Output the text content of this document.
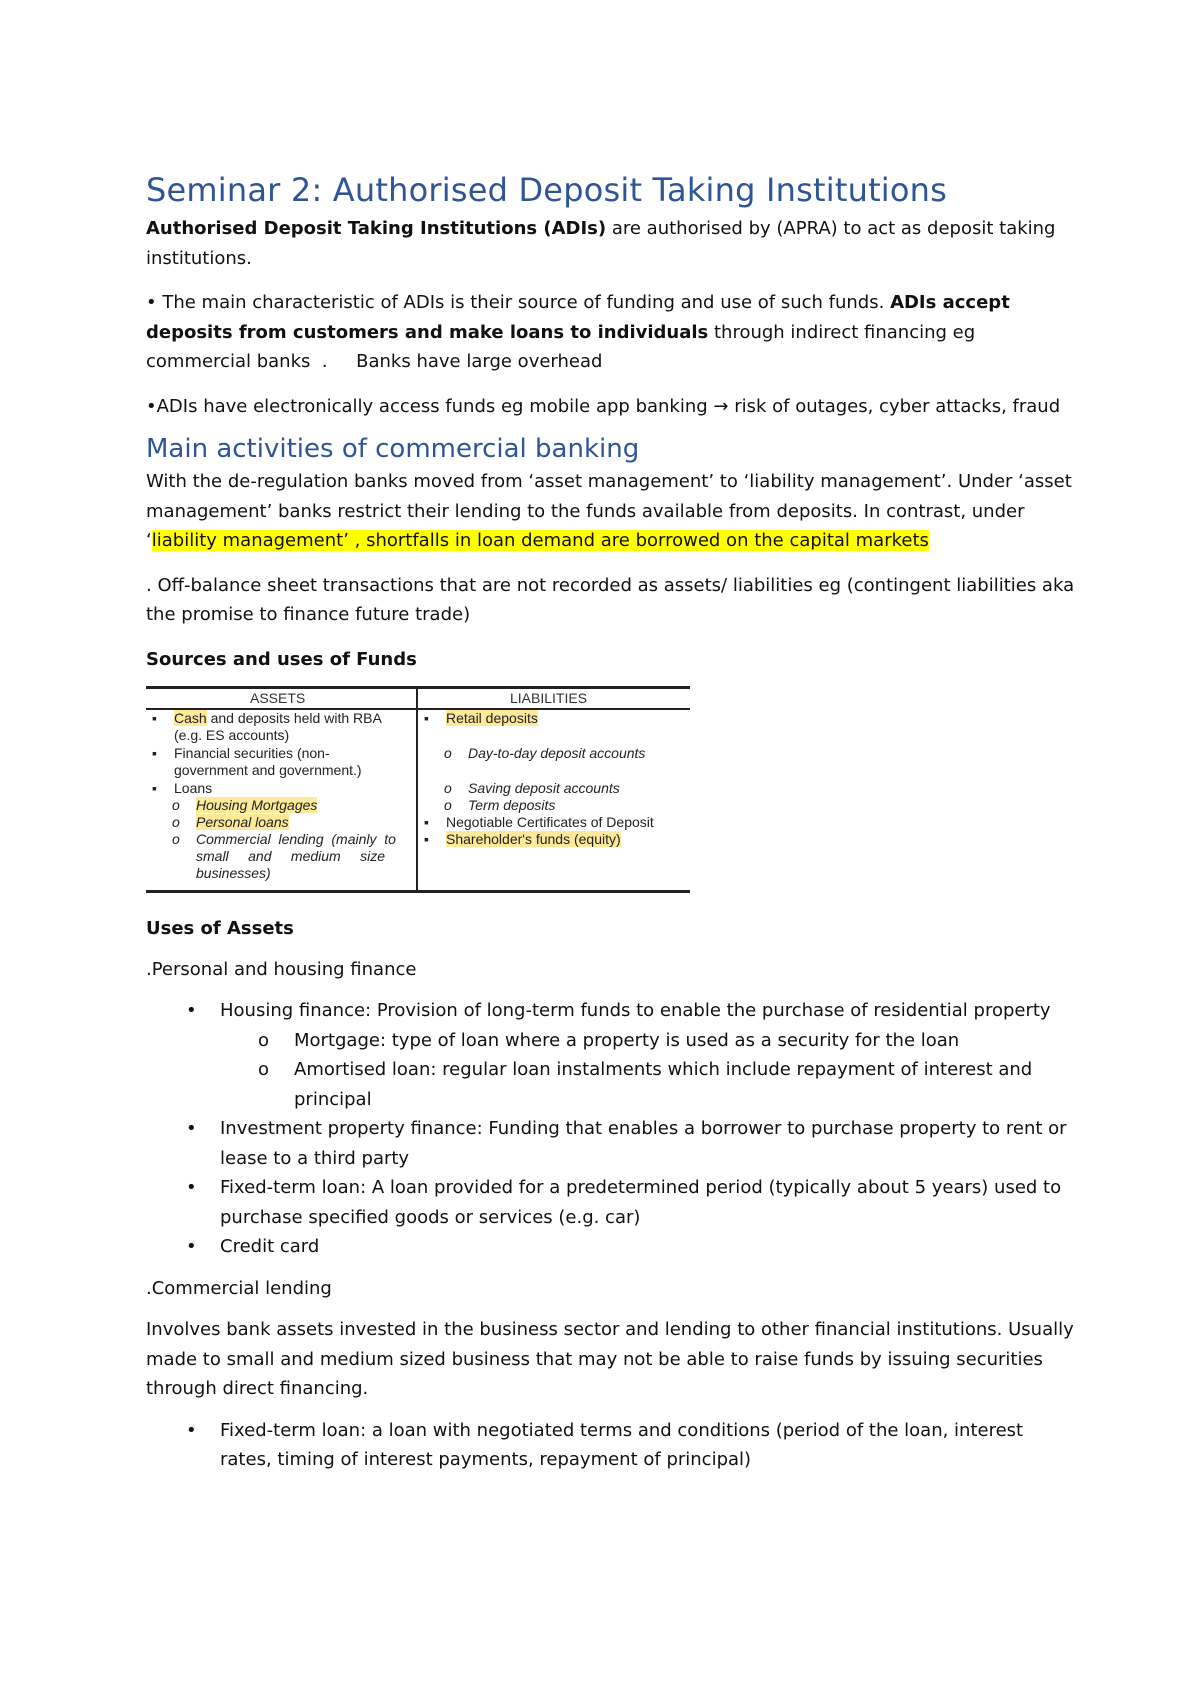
Seminar 2: Authorised Deposit Taking Institutions

Authorised Deposit Taking Institutions (ADIs) are authorised by (APRA) to act as deposit taking institutions.

• The main characteristic of ADIs is their source of funding and use of such funds. ADIs accept deposits from customers and make loans to individuals through indirect financing eg commercial banks  .     Banks have large overhead

•ADIs have electronically access funds eg mobile app banking → risk of outages, cyber attacks, fraud

Main activities of commercial banking

With the de-regulation banks moved from ‘asset management’ to ‘liability management’. Under ‘asset management’ banks restrict their lending to the funds available from deposits. In contrast, under ‘liability management’ , shortfalls in loan demand are borrowed on the capital markets

. Off-balance sheet transactions that are not recorded as assets/ liabilities eg (contingent liabilities aka the promise to finance future trade)

Sources and uses of Funds

ASSETS	LIABILITIES
▪ Cash and deposits held with RBA
(e.g. ES accounts)
▪ Financial securities (non-
government and government.)
▪ Loans
o Housing Mortgages
o Personal loans
o Commercial  lending  (mainly  to
small     and     medium     size
businesses)
▪ Retail deposits
o Day-to-day deposit accounts
o Saving deposit accounts
o Term deposits
▪ Negotiable Certificates of Deposit
▪ Shareholder's funds (equity)

Uses of Assets

.Personal and housing finance

• Housing finance: Provision of long-term funds to enable the purchase of residential property
o Mortgage: type of loan where a property is used as a security for the loan
o Amortised loan: regular loan instalments which include repayment of interest and principal
• Investment property finance: Funding that enables a borrower to purchase property to rent or lease to a third party
• Fixed-term loan: A loan provided for a predetermined period (typically about 5 years) used to purchase specified goods or services (e.g. car)
• Credit card

.Commercial lending

Involves bank assets invested in the business sector and lending to other financial institutions. Usually made to small and medium sized business that may not be able to raise funds by issuing securities through direct financing.

• Fixed-term loan: a loan with negotiated terms and conditions (period of the loan, interest rates, timing of interest payments, repayment of principal)
